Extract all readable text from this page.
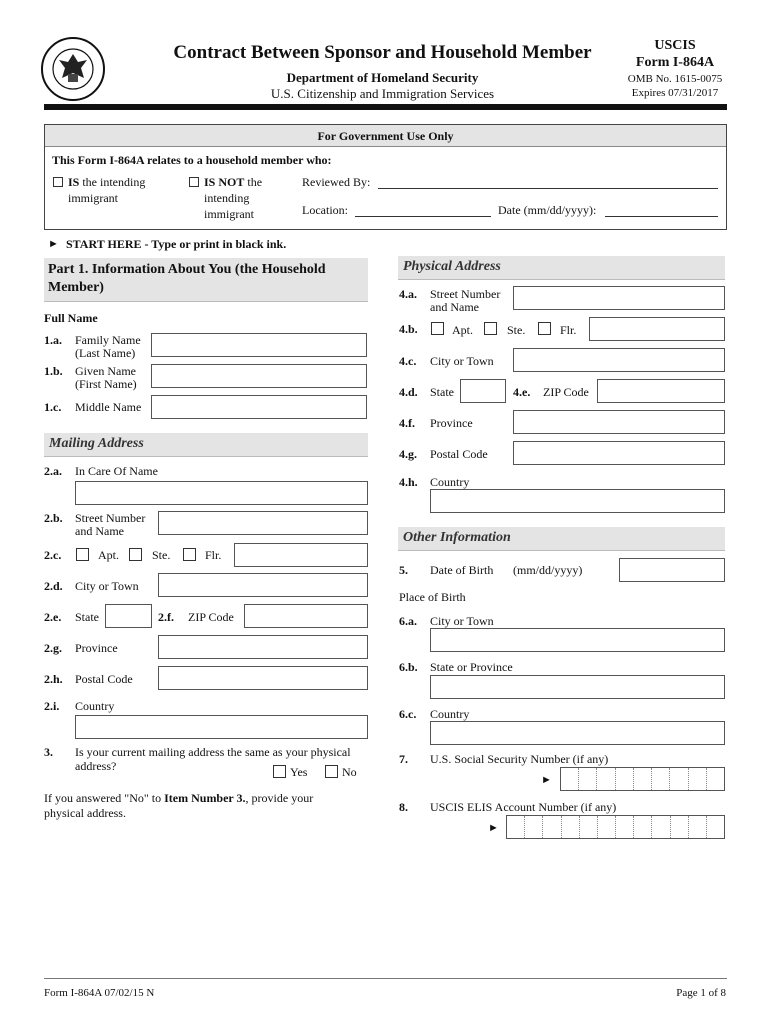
Contract Between Sponsor and Household Member
Department of Homeland Security
U.S. Citizenship and Immigration Services
USCIS
Form I-864A
OMB No. 1615-0075
Expires 07/31/2017
For Government Use Only
This Form I-864A relates to a household member who:
IS the intending
immigrant
IS NOT the
intending
immigrant
Reviewed By:
Location:	Date (mm/dd/yyyy):
► START HERE - Type or print in black ink.
Part 1. Information About You (the Household
Member)
Full Name
1.a. Family Name
(Last Name)
1.b. Given Name
(First Name)
1.c. Middle Name
Mailing Address
2.a. In Care Of Name
2.b. Street Number
and Name
2.c.	Apt.	Ste.	Flr.
2.d. City or Town
2.e. State	2.f. ZIP Code
2.g. Province
2.h. Postal Code
2.i. Country
3. Is your current mailing address the same as your physical
address?	Yes	No
If you answered "No" to Item Number 3., provide your
physical address.
Physical Address
4.a. Street Number
and Name
4.b.	Apt.	Ste.	Flr.
4.c. City or Town
4.d. State	4.e. ZIP Code
4.f. Province
4.g. Postal Code
4.h. Country
Other Information
5. Date of Birth (mm/dd/yyyy)
Place of Birth
6.a. City or Town
6.b. State or Province
6.c. Country
7. U.S. Social Security Number (if any)
►
8. USCIS ELIS Account Number (if any)
►
Form I-864A 07/02/15 N	Page 1 of 8
